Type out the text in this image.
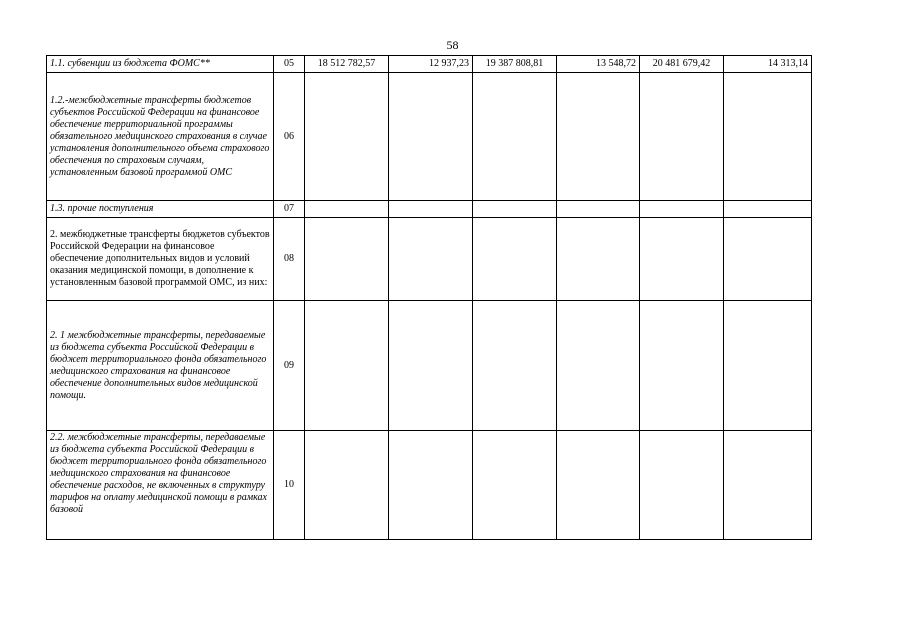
58
1.1. субвенции из бюджета ФОМС**	05	18 512 782,57	12 937,23	19 387 808,81	13 548,72	20 481 679,42	14 313,14
1.2.-межбюджетные трансферты бюджетов субъектов Российской Федерации на финансовое обеспечение территориальной программы обязательного медицинского страхования в случае установления дополнительного объема страхового обеспечения по страховым случаям, установленным базовой программой ОМС	06						
1.3. прочие поступления	07						
2. межбюджетные трансферты бюджетов субъектов Российской Федерации на финансовое обеспечение дополнительных видов и условий оказания медицинской помощи, в дополнение к установленным базовой программой ОМС, из них:	08						
2. 1 межбюджетные трансферты, передаваемые из бюджета субъекта Российской Федерации в бюджет территориального фонда обязательного медицинского страхования на финансовое обеспечение дополнительных видов медицинской помощи.	09						
2.2. межбюджетные трансферты, передаваемые из бюджета субъекта Российской Федерации в бюджет территориального фонда обязательного медицинского страхования на финансовое обеспечение расходов, не включенных в структуру тарифов на оплату медицинской помощи в рамках базовой	10						
